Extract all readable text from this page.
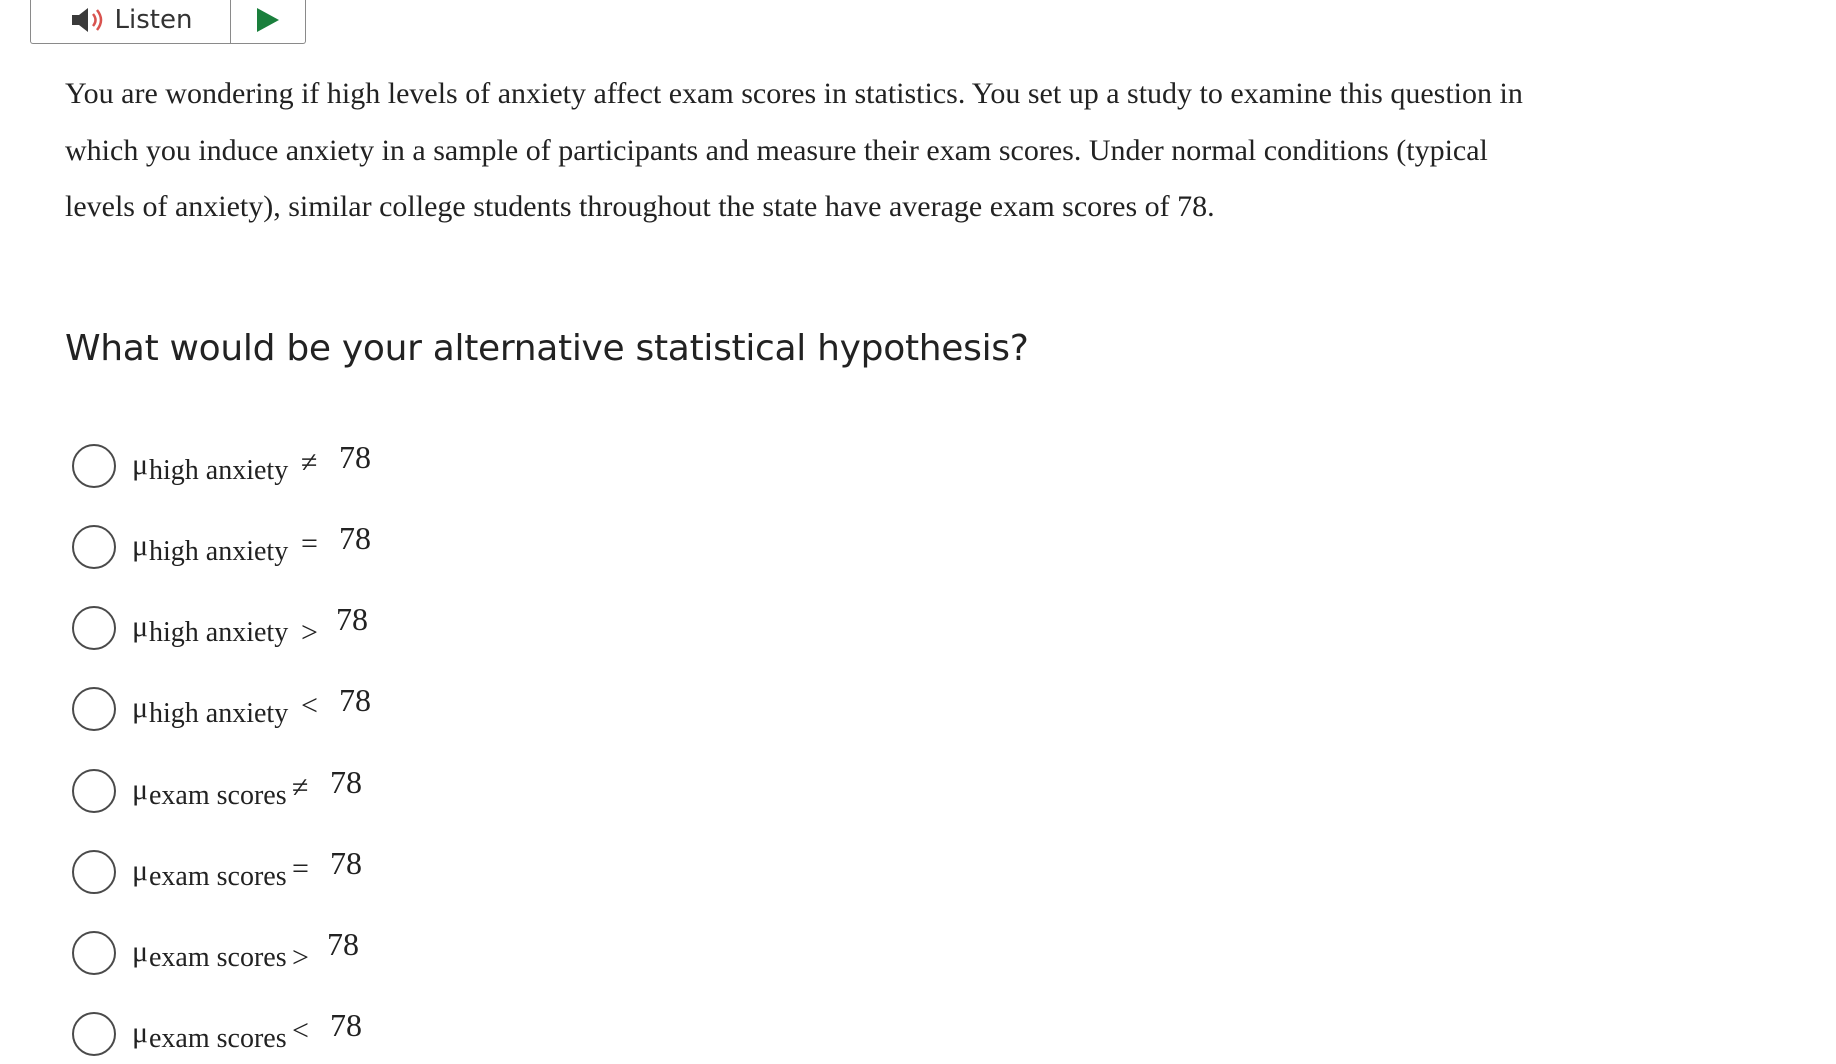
Listen

You are wondering if high levels of anxiety affect exam scores in statistics. You set up a study to examine this question in which you induce anxiety in a sample of participants and measure their exam scores. Under normal conditions (typical levels of anxiety), similar college students throughout the state have average exam scores of 78.

What would be your alternative statistical hypothesis?
μ high anxiety ≠ 78
μ high anxiety = 78
μ high anxiety > 78
μ high anxiety < 78
μ exam scores ≠ 78
μ exam scores = 78
μ exam scores > 78
μ exam scores < 78
